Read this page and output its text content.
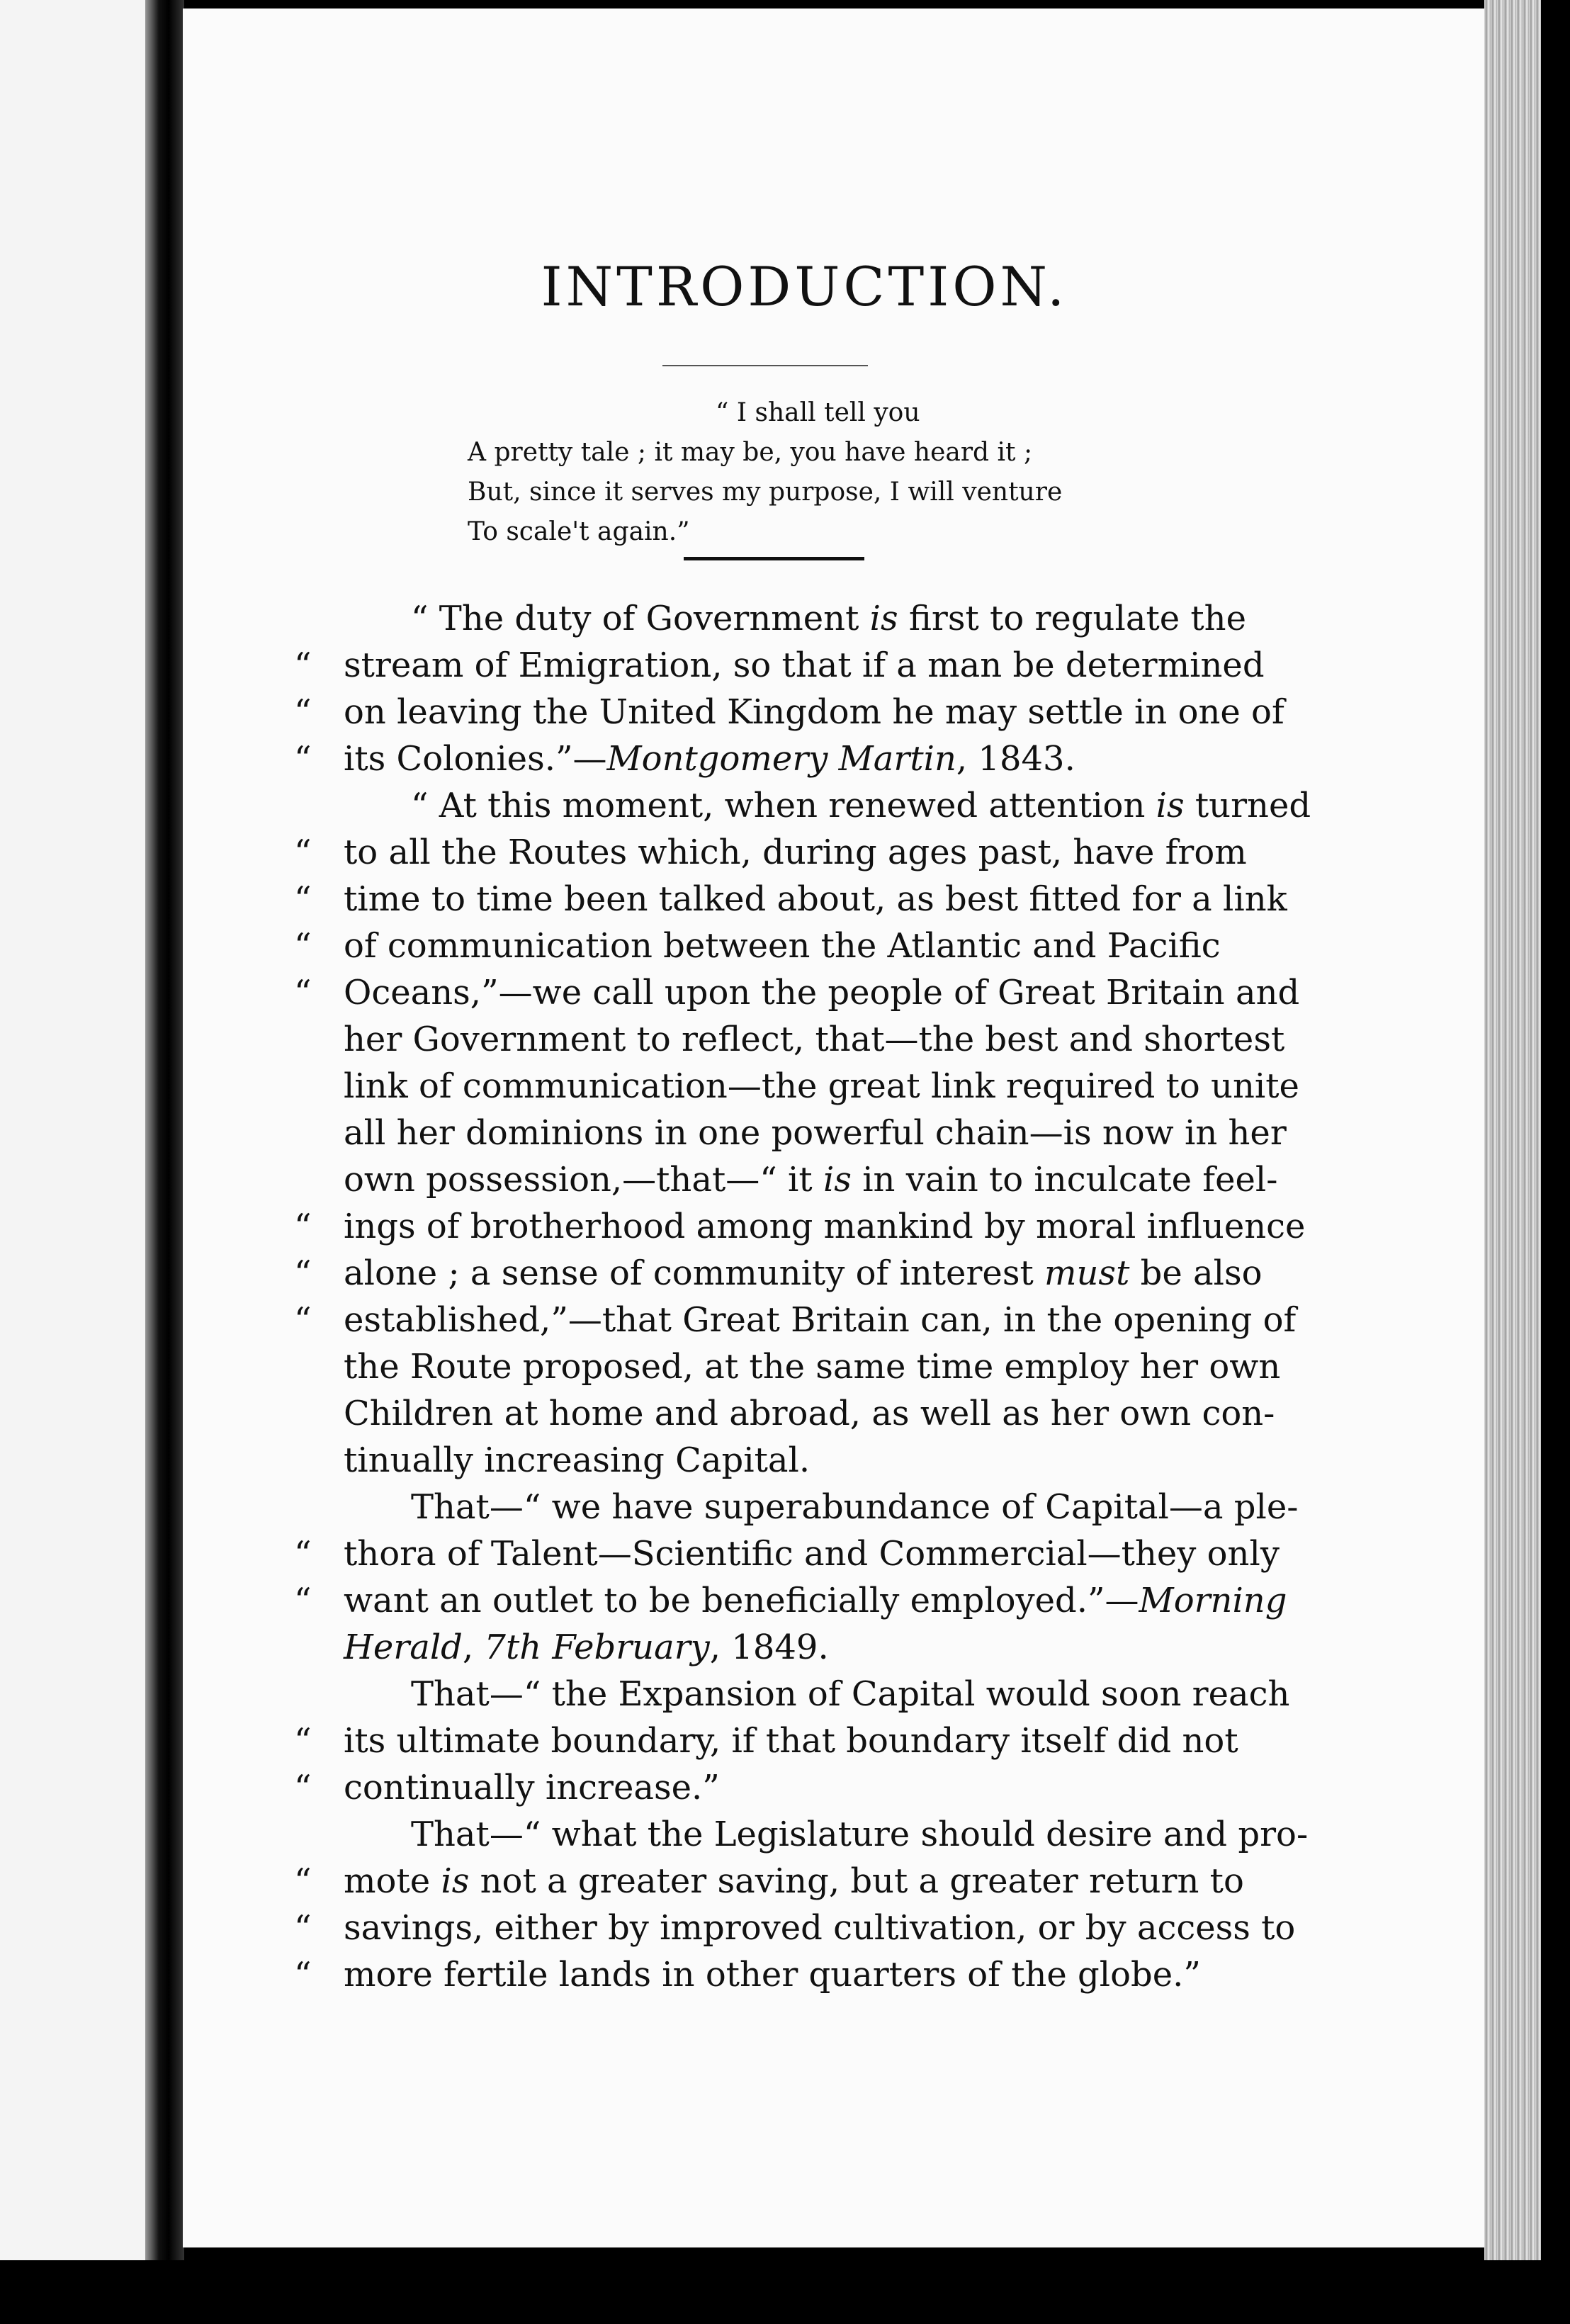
INTRODUCTION.
“ I shall tell you
A pretty tale ; it may be, you have heard it ;
But, since it serves my purpose, I will venture
To scale't again.”
“ The duty of Government is first to regulate the
“ stream of Emigration, so that if a man be determined
“ on leaving the United Kingdom he may settle in one of
“ its Colonies.”—Montgomery Martin, 1843.
“ At this moment, when renewed attention is turned
“ to all the Routes which, during ages past, have from
“ time to time been talked about, as best fitted for a link
“ of communication between the Atlantic and Pacific
“ Oceans,”—we call upon the people of Great Britain and
her Government to reflect, that—the best and shortest
link of communication—the great link required to unite
all her dominions in one powerful chain—is now in her
own possession,—that—“ it is in vain to inculcate feel-
“ ings of brotherhood among mankind by moral influence
“ alone ; a sense of community of interest must be also
“ established,”—that Great Britain can, in the opening of
the Route proposed, at the same time employ her own
Children at home and abroad, as well as her own con-
tinually increasing Capital.
That—“ we have superabundance of Capital—a ple-
“ thora of Talent—Scientific and Commercial—they only
“ want an outlet to be beneficially employed.”—Morning
Herald, 7th February, 1849.
That—“ the Expansion of Capital would soon reach
“ its ultimate boundary, if that boundary itself did not
“ continually increase.”
That—“ what the Legislature should desire and pro-
“ mote is not a greater saving, but a greater return to
“ savings, either by improved cultivation, or by access to
“ more fertile lands in other quarters of the globe.”
